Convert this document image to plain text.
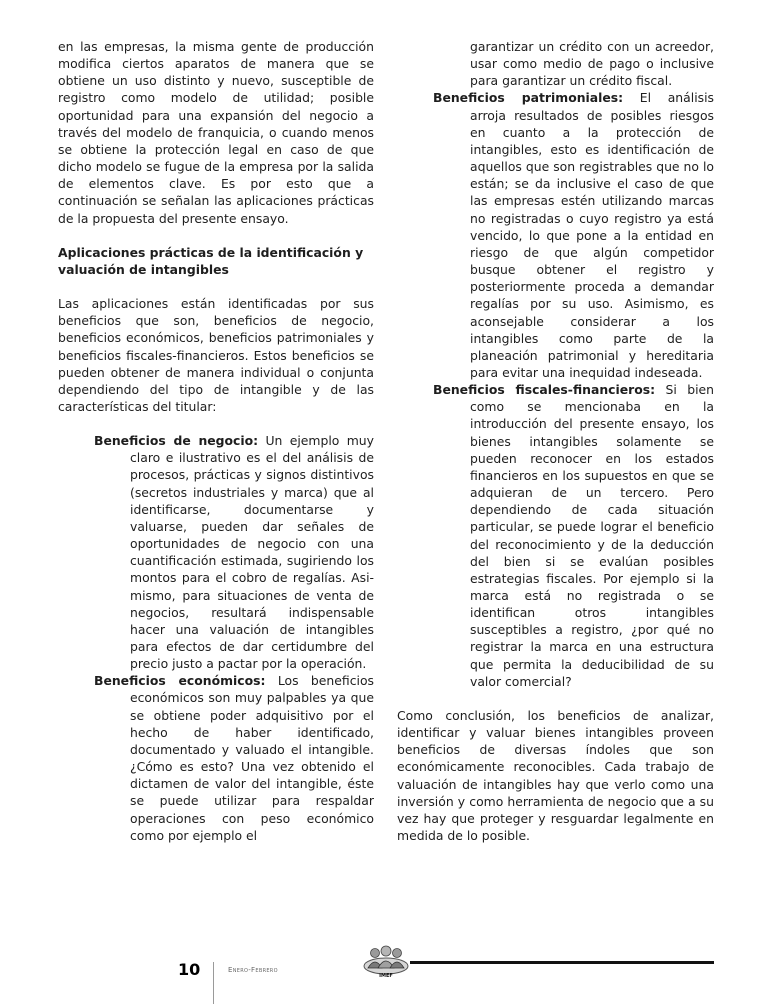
en las empresas, la misma gente de producción modifica ciertos aparatos de manera que se obtiene un uso distinto y nuevo, susceptible de registro como modelo de utilidad; posible oportunidad para una expansión del negocio a través del modelo de franquicia, o cuando menos se obtiene la protección legal en caso de que dicho modelo se fugue de la empresa por la salida de elementos clave. Es por esto que a continuación se señalan las aplicaciones prácticas de la propuesta del presente ensayo.

Aplicaciones prácticas de la identificación y valuación de intangibles

Las aplicaciones están identificadas por sus beneficios que son, beneficios de negocio, beneficios económicos, beneficios patrimoniales y beneficios fiscales-financieros. Estos beneficios se pueden obtener de manera individual o conjunta dependiendo del tipo de intangible y de las características del titular:

Beneficios de negocio: Un ejemplo muy claro e ilustrativo es el del análisis de procesos, prácticas y signos distintivos (secretos industriales y marca) que al identificarse, documentarse y valuarse, pueden dar señales de oportunidades de negocio con una cuantificación estimada, sugiriendo los montos para el cobro de regalías. Asimismo, para situaciones de venta de negocios, resultará indispensable hacer una valuación de intangibles para efectos de dar certidumbre del precio justo a pactar por la operación.

Beneficios económicos: Los beneficios económicos son muy palpables ya que se obtiene poder adquisitivo por el hecho de haber identificado, documentado y valuado el intangible. ¿Cómo es esto? Una vez obtenido el dictamen de valor del intangible, éste se puede utilizar para respaldar operaciones con peso económico como por ejemplo el

garantizar un crédito con un acreedor, usar como medio de pago o inclusive para garantizar un crédito fiscal.

Beneficios patrimoniales: El análisis arroja resultados de posibles riesgos en cuanto a la protección de intangibles, esto es identificación de aquellos que son registrables que no lo están; se da inclusive el caso de que las empresas estén utilizando marcas no registradas o cuyo registro ya está vencido, lo que pone a la entidad en riesgo de que algún competidor busque obtener el registro y posteriormente proceda a demandar regalías por su uso. Asimismo, es aconsejable considerar a los intangibles como parte de la planeación patrimonial y hereditaria para evitar una inequidad indeseada.

Beneficios fiscales-financieros: Si bien como se mencionaba en la introducción del presente ensayo, los bienes intangibles solamente se pueden reconocer en los estados financieros en los supuestos en que se adquieran de un tercero. Pero dependiendo de cada situación particular, se puede lograr el beneficio del reconocimiento y de la deducción del bien si se evalúan posibles estrategias fiscales. Por ejemplo si la marca está no registrada o se identifican otros intangibles susceptibles a registro, ¿por qué no registrar la marca en una estructura que permita la deducibilidad de su valor comercial?

Como conclusión, los beneficios de analizar, identificar y valuar bienes intangibles proveen beneficios de diversas índoles que son económicamente reconocibles. Cada trabajo de valuación de intangibles hay que verlo como una inversión y como herramienta de negocio que a su vez hay que proteger y resguardar legalmente en medida de lo posible.

10	Enero-Febrero
IMEF
